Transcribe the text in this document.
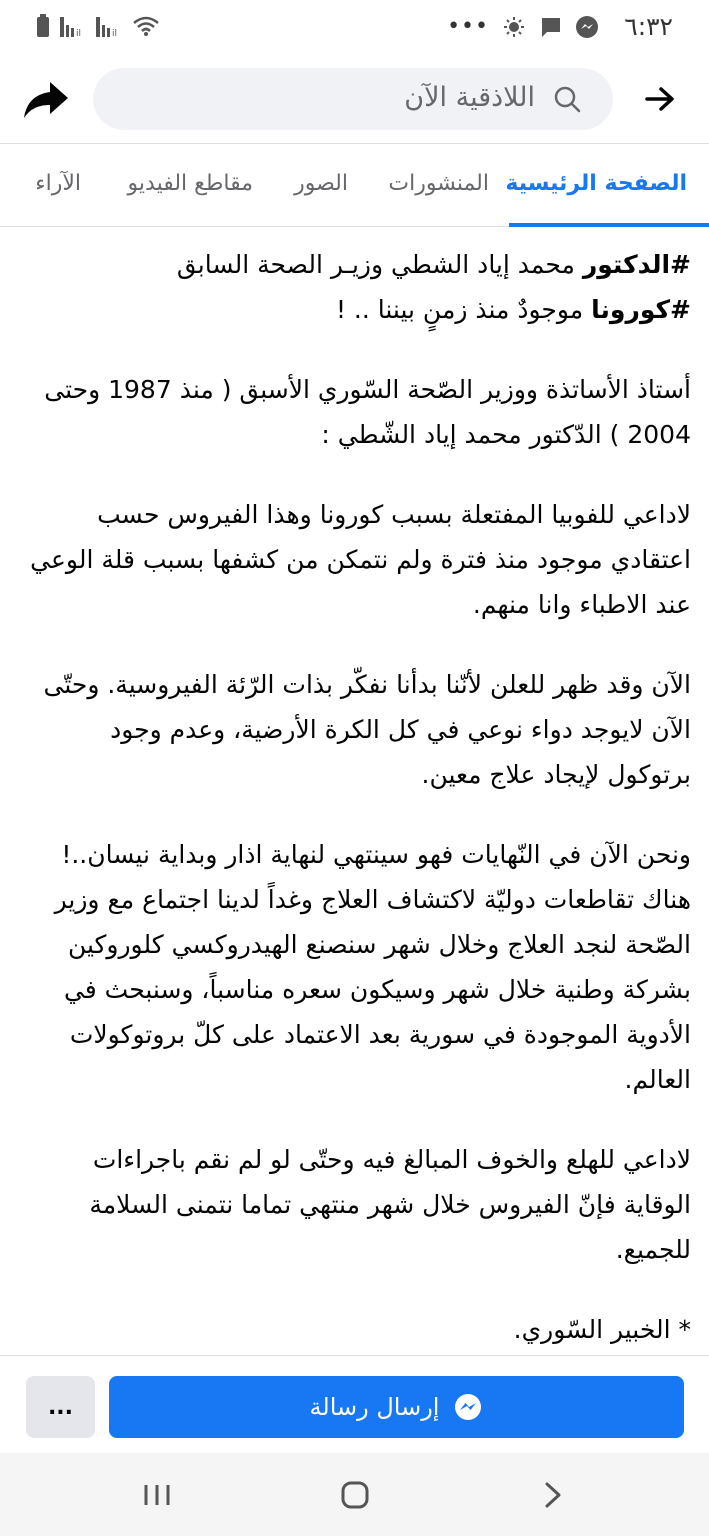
il	il	•••	٦:٣٢
اللاذقية الآن
الصفحة الرئيسية
المنشورات
الصور
مقاطع الفيديو
الآراء
#الدكتور محمد إياد الشطي وزيـر الصحة السابق
#كورونا موجودٌ منذ زمنٍ بيننا .. !

أستاذ الأساتذة ووزير الصّحة السّوري الأسبق ( منذ 1987 وحتى 2004 ) الدّكتور محمد إياد الشّطي :

لاداعي للفوبيا المفتعلة بسبب كورونا وهذا الفيروس حسب اعتقادي موجود منذ فترة ولم نتمكن من كشفها بسبب قلة الوعي عند الاطباء وانا منهم.

الآن وقد ظهر للعلن لأنّنا بدأنا نفكّر بذات الرّئة الفيروسية. وحتّى الآن لايوجد دواء نوعي في كل الكرة الأرضية، وعدم وجود برتوكول لإيجاد علاج معين.

ونحن الآن في النّهايات فهو سينتهي لنهاية اذار وبداية نيسان..! هناك تقاطعات دوليّة لاكتشاف العلاج وغداً لدينا اجتماع مع وزير الصّحة لنجد العلاج وخلال شهر سنصنع الهيدروكسي كلوروكين بشركة وطنية خلال شهر وسيكون سعره مناسباً، وسنبحث في الأدوية الموجودة في سورية بعد الاعتماد على كلّ بروتوكولات العالم.

لاداعي للهلع والخوف المبالغ فيه وحتّى لو لم نقم باجراءات الوقاية فإنّ الفيروس خلال شهر منتهي تماما نتمنى السلامة للجميع.

* الخبير السّوري.

...	إرسال رسالة
